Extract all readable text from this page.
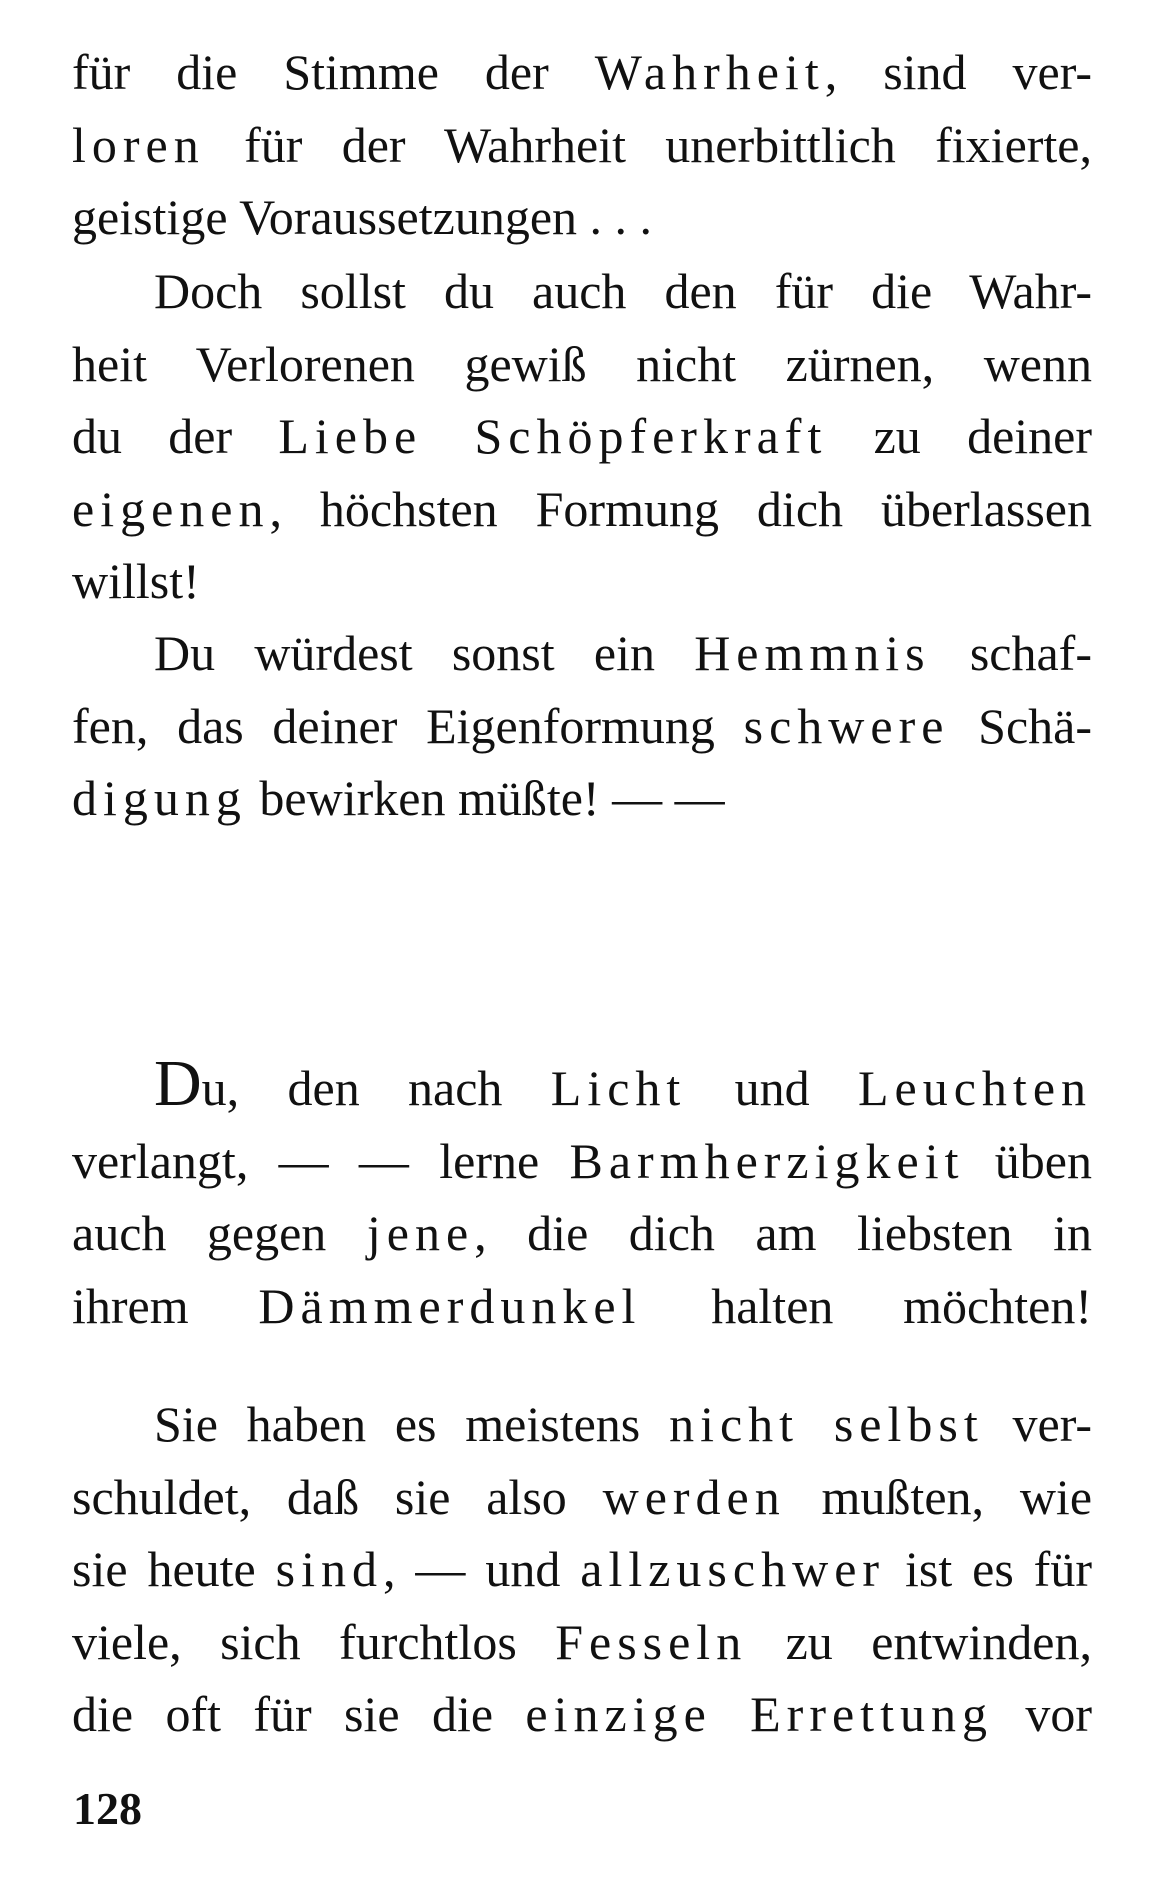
für die Stimme der Wahrheit, sind ver-
loren für der Wahrheit unerbittlich fixierte,
geistige Voraussetzungen . . .
Doch sollst du auch den für die Wahr-
heit Verlorenen gewiß nicht zürnen, wenn
du der Liebe Schöpferkraft zu deiner
eigenen, höchsten Formung dich überlassen
willst!
Du würdest sonst ein Hemmnis schaf-
fen, das deiner Eigenformung schwere Schä-
digung bewirken müßte! — —
Du, den nach Licht und Leuchten
verlangt, — — lerne Barmherzigkeit üben
auch gegen jene, die dich am liebsten in
ihrem Dämmerdunkel halten möchten!
Sie haben es meistens nicht selbst ver-
schuldet, daß sie also werden mußten, wie
sie heute sind, — und allzuschwer ist es für
viele, sich furchtlos Fesseln zu entwinden,
die oft für sie die einzige Errettung vor
128
